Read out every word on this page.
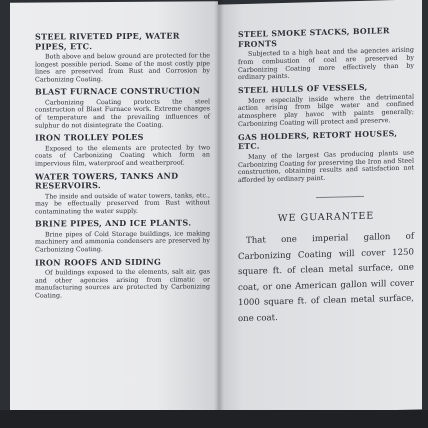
STEEL RIVETED PIPE, WATER PIPES, ETC.

Both above and below ground are protected for the longest possible period. Some of the most costly pipe lines are preserved from Rust and Corrosion by Carbonizing Coating.

BLAST FURNACE CONSTRUCTION

Carbonizing Coating protects the steel construction of Blast Furnace work. Extreme changes of temperature and the prevailing influences of sulphur do not disintegrate the Coating.

IRON TROLLEY POLES

Exposed to the elements are protected by two coats of Carbonizing Coating which form an impervious film, waterproof and weatherproof.

WATER TOWERS, TANKS AND RESERVOIRS.

The inside and outside of water towers, tanks, etc., may be effectually preserved from Rust without contaminating the water supply.

BRINE PIPES, AND ICE PLANTS.

Brine pipes of Cold Storage buildings, ice making machinery and ammonia condensers are preserved by Carbonizing Coating.

IRON ROOFS AND SIDING

Of buildings exposed to the elements, salt air, gas and other agencies arising from climatic or manufacturing sources are protected by Carbonizing Coating.

STEEL SMOKE STACKS, BOILER FRONTS

Subjected to a high heat and the agencies arising from combustion of coal are preserved by Carbonizing Coating more effectively than by ordinary paints.

STEEL HULLS OF VESSELS,

More especially inside where the detrimental action arising from bilge water and confined atmosphere play havoc with paints generally; Carbonizing Coating will protect and preserve.

GAS HOLDERS, RETORT HOUSES, ETC.

Many of the largest Gas producing plants use Carbonizing Coating for preserving the Iron and Steel construction, obtaining results and satisfaction not afforded by ordinary paint.

WE GUARANTEE

That one imperial gallon of Carbonizing Coating will cover 1250 square ft. of clean metal surface, one coat, or one American gallon will cover 1000 square ft. of clean metal surface, one coat.
